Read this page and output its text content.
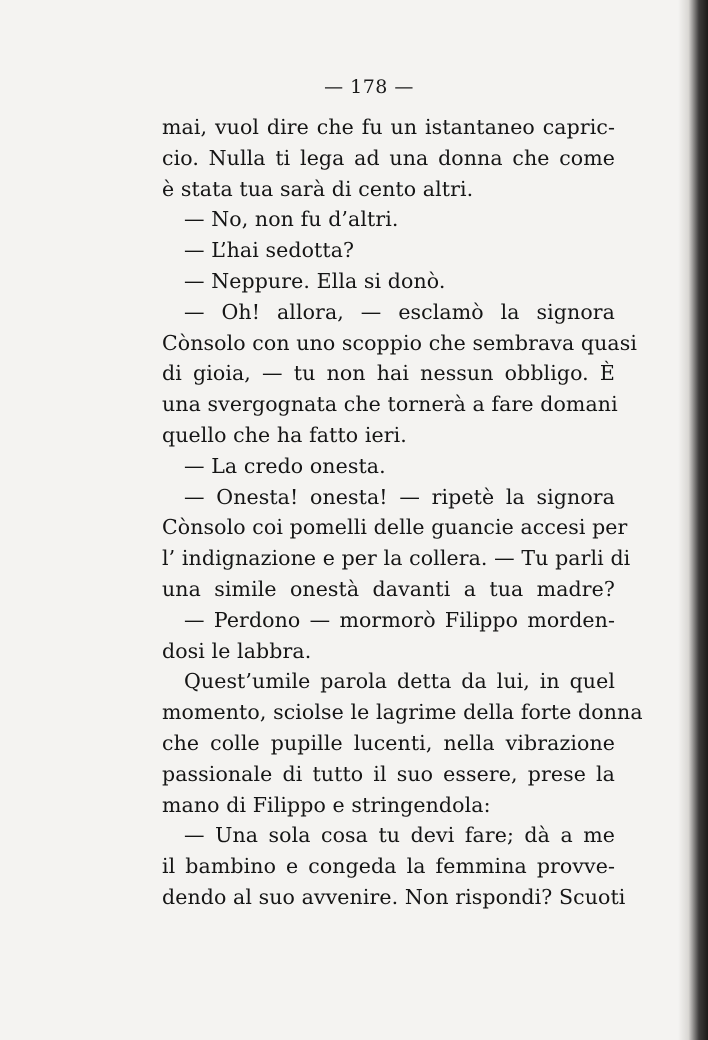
— 178 —
mai, vuol dire che fu un istantaneo capric-
cio. Nulla ti lega ad una donna che come
è stata tua sarà di cento altri.
— No, non fu d’altri.
— L’hai sedotta?
— Neppure. Ella si donò.
— Oh! allora, — esclamò la signora
Cònsolo con uno scoppio che sembrava quasi
di gioia, — tu non hai nessun obbligo. È
una svergognata che tornerà a fare domani
quello che ha fatto ieri.
— La credo onesta.
— Onesta! onesta! — ripetè la signora
Cònsolo coi pomelli delle guancie accesi per
l’ indignazione e per la collera. — Tu parli di
una simile onestà davanti a tua madre?
— Perdono — mormorò Filippo morden-
dosi le labbra.
Quest’umile parola detta da lui, in quel
momento, sciolse le lagrime della forte donna
che colle pupille lucenti, nella vibrazione
passionale di tutto il suo essere, prese la
mano di Filippo e stringendola:
— Una sola cosa tu devi fare; dà a me
il bambino e congeda la femmina provve-
dendo al suo avvenire. Non rispondi? Scuoti
